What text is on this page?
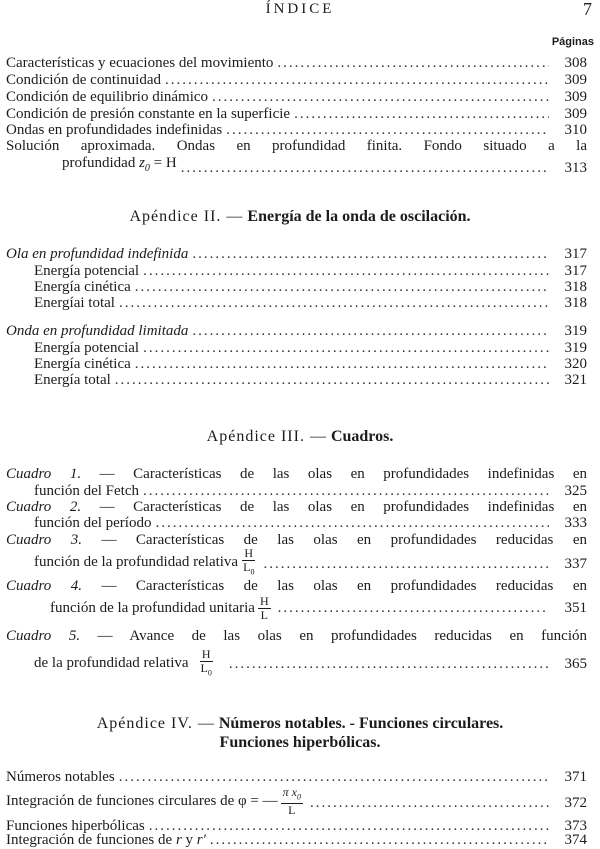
ÍNDICE	7
Páginas
Características y ecuaciones del movimiento .....	308
Condición de continuidad .....	309
Condición de equilibrio dinámico .....	309
Condición de presión constante en la superficie .....	309
Ondas en profundidades indefinidas .....	310
Solución aproximada. Ondas en profundidad finita. Fondo situado a la
profundidad $z_0 = H$ .....	313
Apéndice II. — Energía de la onda de oscilación.
Ola en profundidad indefinida .....	317
Energía potencial .....	317
Energía cinética .....	318
Energíai total .....	318
Onda en profundidad limitada .....	319
Energía potencial .....	319
Energía cinética .....	320
Energía total .....	321
Apéndice III. — Cuadros.
Cuadro 1. — Características de las olas en profundidades indefinidas en
función del Fetch .....	325
Cuadro 2. — Características de las olas en profundidades indefinidas en
función del período .....	333
Cuadro 3. — Características de las olas en profundidades reducidas en
función de la profundidad relativa $\frac{H}{L_0}$ .....	337
Cuadro 4. — Características de las olas en profundidades reducidas en
función de la profundidad unitaria $\frac{H}{L}$ .....	351
Cuadro 5. — Avance de las olas en profundidades reducidas en función
de la profundidad relativa $\frac{H}{L_0}$ .....	365
Apéndice IV. — Números notables. - Funciones circulares.
Funciones hiperbólicas.
Números notables .....	371
Integración de funciones circulares de φ = — $\frac{\pi x_0}{L}$ .....	372
Funciones hiperbólicas .....	373
Integración de funciones de r y r′ .....	374
